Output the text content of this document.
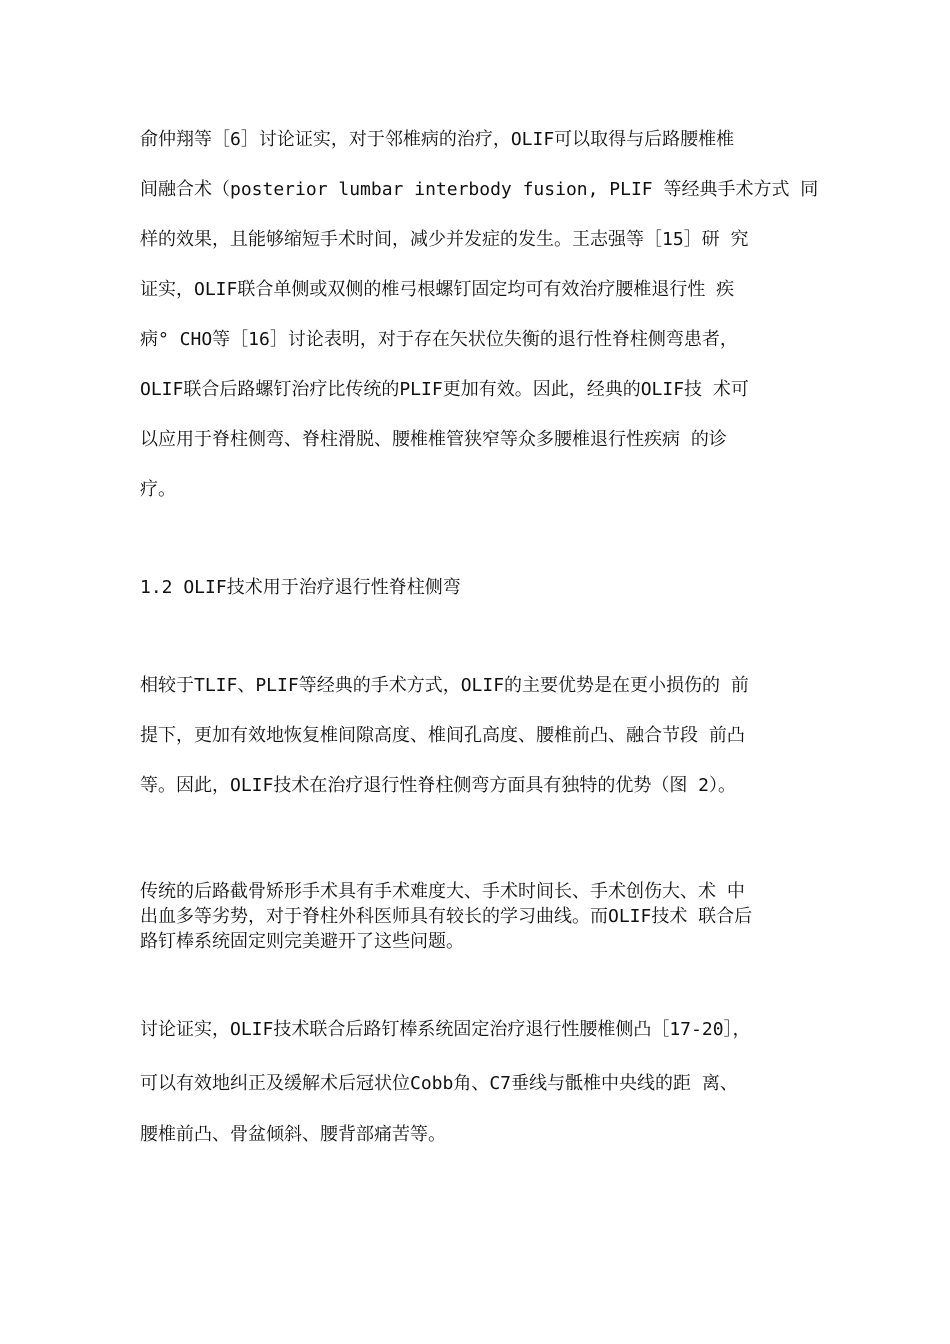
俞仲翔等［6］讨论证实，对于邻椎病的治疗，OLIF可以取得与后路腰椎椎
间融合术（posterior lumbar interbody fusion, PLIF 等经典手术方式 同
样的效果，且能够缩短手术时间，减少并发症的发生。王志强等［15］研 究
证实，OLIF联合单侧或双侧的椎弓根螺钉固定均可有效治疗腰椎退行性 疾
病° CHO等［16］讨论表明，对于存在矢状位失衡的退行性脊柱侧弯患者，
OLIF联合后路螺钉治疗比传统的PLIF更加有效。因此，经典的OLIF技 术可
以应用于脊柱侧弯、脊柱滑脱、腰椎椎管狭窄等众多腰椎退行性疾病 的诊
疗。
1.2 OLIF技术用于治疗退行性脊柱侧弯
相较于TLIF、PLIF等经典的手术方式，OLIF的主要优势是在更小损伤的 前
提下，更加有效地恢复椎间隙高度、椎间孔高度、腰椎前凸、融合节段 前凸
等。因此，OLIF技术在治疗退行性脊柱侧弯方面具有独特的优势（图 2）。
传统的后路截骨矫形手术具有手术难度大、手术时间长、手术创伤大、术 中
出血多等劣势，对于脊柱外科医师具有较长的学习曲线。而OLIF技术 联合后
路钉棒系统固定则完美避开了这些问题。
讨论证实，OLIF技术联合后路钉棒系统固定治疗退行性腰椎侧凸［17-20］，
可以有效地纠正及缓解术后冠状位Cobb角、C7垂线与骶椎中央线的距 离、
腰椎前凸、骨盆倾斜、腰背部痛苦等。
